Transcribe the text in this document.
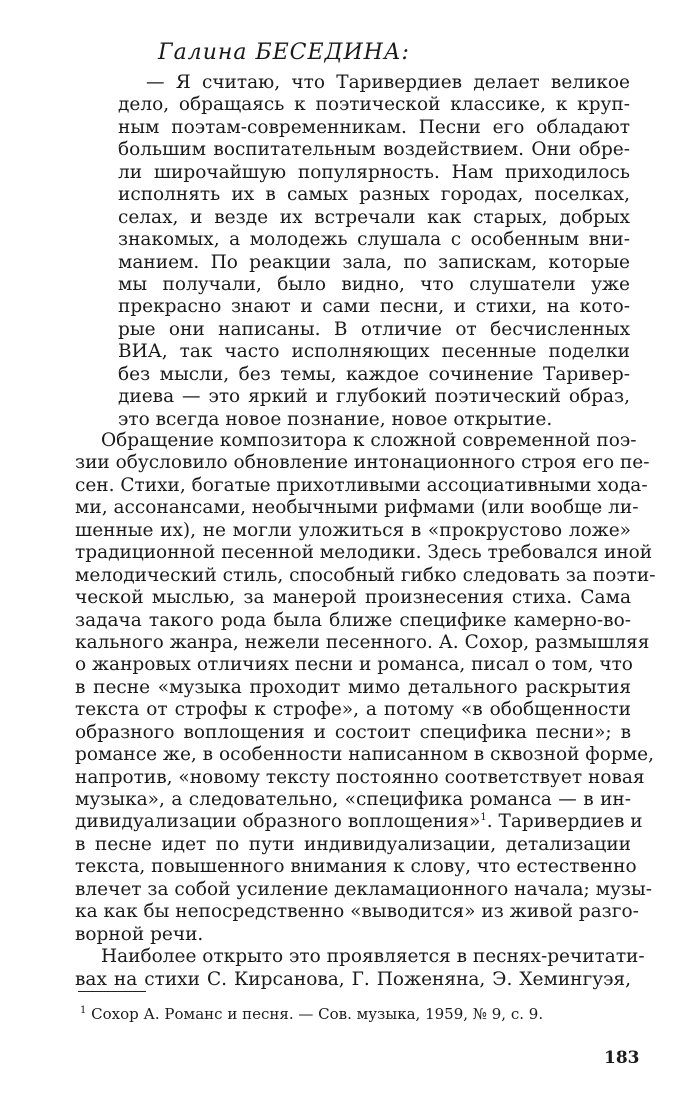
Галина БЕСЕДИНА:
— Я считаю, что Таривердиев делает великое
дело, обращаясь к поэтической классике, к круп-
ным поэтам-современникам. Песни его обладают
большим воспитательным воздействием. Они обре-
ли широчайшую популярность. Нам приходилось
исполнять их в самых разных городах, поселках,
селах, и везде их встречали как старых, добрых
знакомых, а молодежь слушала с особенным вни-
манием. По реакции зала, по запискам, которые
мы получали, было видно, что слушатели уже
прекрасно знают и сами песни, и стихи, на кото-
рые они написаны. В отличие от бесчисленных
ВИА, так часто исполняющих песенные поделки
без мысли, без темы, каждое сочинение Таривер-
диева — это яркий и глубокий поэтический образ,
это всегда новое познание, новое открытие.
Обращение композитора к сложной современной поэ-
зии обусловило обновление интонационного строя его пе-
сен. Стихи, богатые прихотливыми ассоциативными хода-
ми, ассонансами, необычными рифмами (или вообще ли-
шенные их), не могли уложиться в «прокрустово ложе»
традиционной песенной мелодики. Здесь требовался иной
мелодический стиль, способный гибко следовать за поэти-
ческой мыслью, за манерой произнесения стиха. Сама
задача такого рода была ближе специфике камерно-во-
кального жанра, нежели песенного. А. Сохор, размышляя
о жанровых отличиях песни и романса, писал о том, что
в песне «музыка проходит мимо детального раскрытия
текста от строфы к строфе», а потому «в обобщенности
образного воплощения и состоит специфика песни»; в
романсе же, в особенности написанном в сквозной форме,
напротив, «новому тексту постоянно соответствует новая
музыка», а следовательно, «специфика романса — в ин-
дивидуализации образного воплощения»$^1$. Таривердиев и
в песне идет по пути индивидуализации, детализации
текста, повышенного внимания к слову, что естественно
влечет за собой усиление декламационного начала; музы-
ка как бы непосредственно «выводится» из живой разго-
ворной речи.
Наиболее открыто это проявляется в песнях-речитати-
вах на стихи С. Кирсанова, Г. Поженяна, Э. Хемингуэя,
$^1$ Сохор А. Романс и песня. — Сов. музыка, 1959, № 9, с. 9.
183
